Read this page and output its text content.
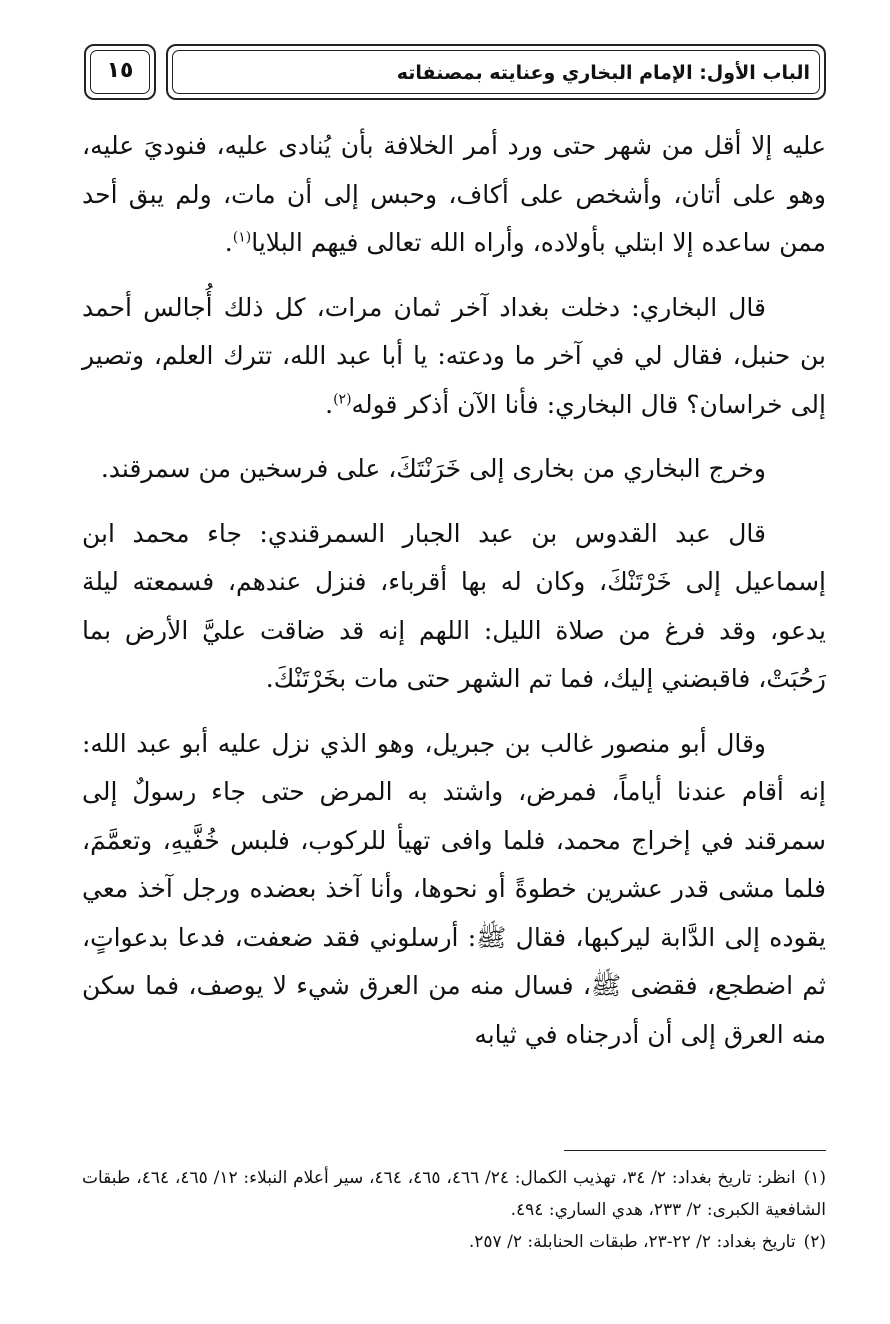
الباب الأول: الإمام البخاري وعنايته بمصنفاته
١٥

عليه إلا أقل من شهر حتى ورد أمر الخلافة بأن يُنادى عليه، فنوديَ عليه، وهو على أتان، وأشخص على أكاف، وحبس إلى أن مات، ولم يبق أحد ممن ساعده إلا ابتلي بأولاده، وأراه الله تعالى فيهم البلايا$^{(١)}$.

قال البخاري: دخلت بغداد آخر ثمان مرات، كل ذلك أُجالس أحمد بن حنبل، فقال لي في آخر ما ودعته: يا أبا عبد الله، تترك العلم، وتصير إلى خراسان؟ قال البخاري: فأنا الآن أذكر قوله$^{(٢)}$.

وخرج البخاري من بخارى إلى خَرَنْتَكَ، على فرسخين من سمرقند.

قال عبد القدوس بن عبد الجبار السمرقندي: جاء محمد ابن إسماعيل إلى خَرْتَنْكَ، وكان له بها أقرباء، فنزل عندهم، فسمعته ليلة يدعو، وقد فرغ من صلاة الليل: اللهم إنه قد ضاقت عليَّ الأرض بما رَحُبَتْ، فاقبضني إليك، فما تم الشهر حتى مات بخَرْتَنْكَ.

وقال أبو منصور غالب بن جبريل، وهو الذي نزل عليه أبو عبد الله: إنه أقام عندنا أياماً، فمرض، واشتد به المرض حتى جاء رسولٌ إلى سمرقند في إخراج محمد، فلما وافى تهيأ للركوب، فلبس خُفَّيهِ، وتعمَّمَ، فلما مشى قدر عشرين خطوةً أو نحوها، وأنا آخذ بعضده ورجل آخذ معي يقوده إلى الدَّابة ليركبها، فقال ﷺ: أرسلوني فقد ضعفت، فدعا بدعواتٍ، ثم اضطجع، فقضى ﷺ، فسال منه من العرق شيء لا يوصف، فما سكن منه العرق إلى أن أدرجناه في ثيابه

(١)انظر: تاريخ بغداد: ٢/ ٣٤، تهذيب الكمال: ٢٤/ ٤٦٦، ٤٦٥، ٤٦٤، سير أعلام النبلاء: ١٢/ ٤٦٥، ٤٦٤، طبقات الشافعية الكبرى: ٢/ ٢٣٣، هدي الساري: ٤٩٤.

(٢)تاريخ بغداد: ٢/ ٢٢-٢٣، طبقات الحنابلة: ٢/ ٢٥٧.
